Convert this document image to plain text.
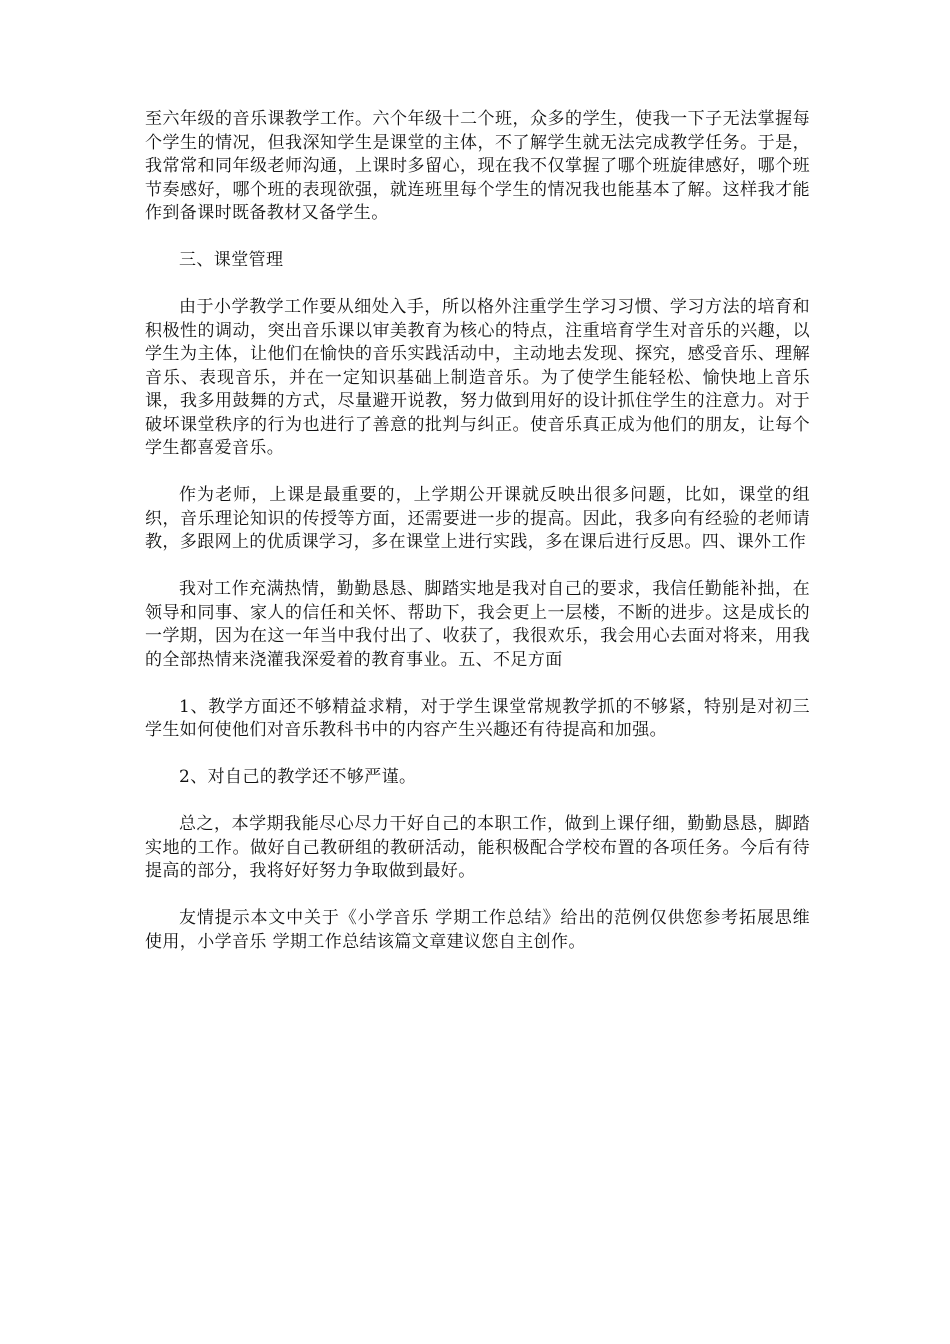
至六年级的音乐课教学工作。六个年级十二个班，众多的学生，使我一下子无法掌握每个学生的情况，但我深知学生是课堂的主体，不了解学生就无法完成教学任务。于是，我常常和同年级老师沟通，上课时多留心，现在我不仅掌握了哪个班旋律感好，哪个班节奏感好，哪个班的表现欲强，就连班里每个学生的情况我也能基本了解。这样我才能作到备课时既备教材又备学生。

三、课堂管理

由于小学教学工作要从细处入手，所以格外注重学生学习习惯、学习方法的培育和积极性的调动，突出音乐课以审美教育为核心的特点，注重培育学生对音乐的兴趣，以学生为主体，让他们在愉快的音乐实践活动中，主动地去发现、探究，感受音乐、理解音乐、表现音乐，并在一定知识基础上制造音乐。为了使学生能轻松、愉快地上音乐课，我多用鼓舞的方式，尽量避开说教，努力做到用好的设计抓住学生的注意力。对于破坏课堂秩序的行为也进行了善意的批判与纠正。使音乐真正成为他们的朋友，让每个学生都喜爱音乐。

作为老师，上课是最重要的，上学期公开课就反映出很多问题，比如，课堂的组织，音乐理论知识的传授等方面，还需要进一步的提高。因此，我多向有经验的老师请教，多跟网上的优质课学习，多在课堂上进行实践，多在课后进行反思。四、课外工作

我对工作充满热情，勤勤恳恳、脚踏实地是我对自己的要求，我信任勤能补拙，在领导和同事、家人的信任和关怀、帮助下，我会更上一层楼，不断的进步。这是成长的一学期，因为在这一年当中我付出了、收获了，我很欢乐，我会用心去面对将来，用我的全部热情来浇灌我深爱着的教育事业。五、不足方面

1、教学方面还不够精益求精，对于学生课堂常规教学抓的不够紧，特别是对初三学生如何使他们对音乐教科书中的内容产生兴趣还有待提高和加强。

2、对自己的教学还不够严谨。

总之，本学期我能尽心尽力干好自己的本职工作，做到上课仔细，勤勤恳恳，脚踏实地的工作。做好自己教研组的教研活动，能积极配合学校布置的各项任务。今后有待提高的部分，我将好好努力争取做到最好。

友情提示本文中关于《小学音乐 学期工作总结》给出的范例仅供您参考拓展思维使用，小学音乐 学期工作总结该篇文章建议您自主创作。
